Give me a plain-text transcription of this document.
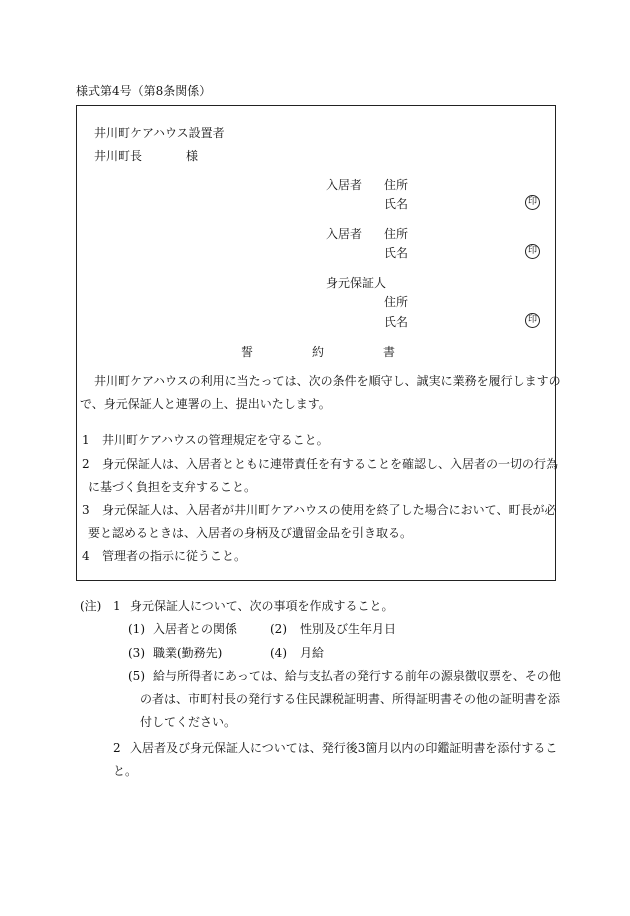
様式第4号（第8条関係）
井川町ケアハウス設置者
井川町長	様
入居者 住所
氏名	印
入居者 住所
氏名	印
身元保証人
住所
氏名	印
誓	約	書
井川町ケアハウスの利用に当たっては、次の条件を順守し、誠実に業務を履行しますの
で、身元保証人と連署の上、提出いたします。
1 井川町ケアハウスの管理規定を守ること。
2 身元保証人は、入居者とともに連帯責任を有することを確認し、入居者の一切の行為
に基づく負担を支弁すること。
3 身元保証人は、入居者が井川町ケアハウスの使用を終了した場合において、町長が必
要と認めるときは、入居者の身柄及び遺留金品を引き取る。
4 管理者の指示に従うこと。
(注) 1 身元保証人について、次の事項を作成すること。
(1) 入居者との関係	(2) 性別及び生年月日
(3) 職業(勤務先)	(4) 月給
(5) 給与所得者にあっては、給与支払者の発行する前年の源泉徴収票を、その他
の者は、市町村長の発行する住民課税証明書、所得証明書その他の証明書を添
付してください。
2 入居者及び身元保証人については、発行後3箇月以内の印鑑証明書を添付するこ
と。
